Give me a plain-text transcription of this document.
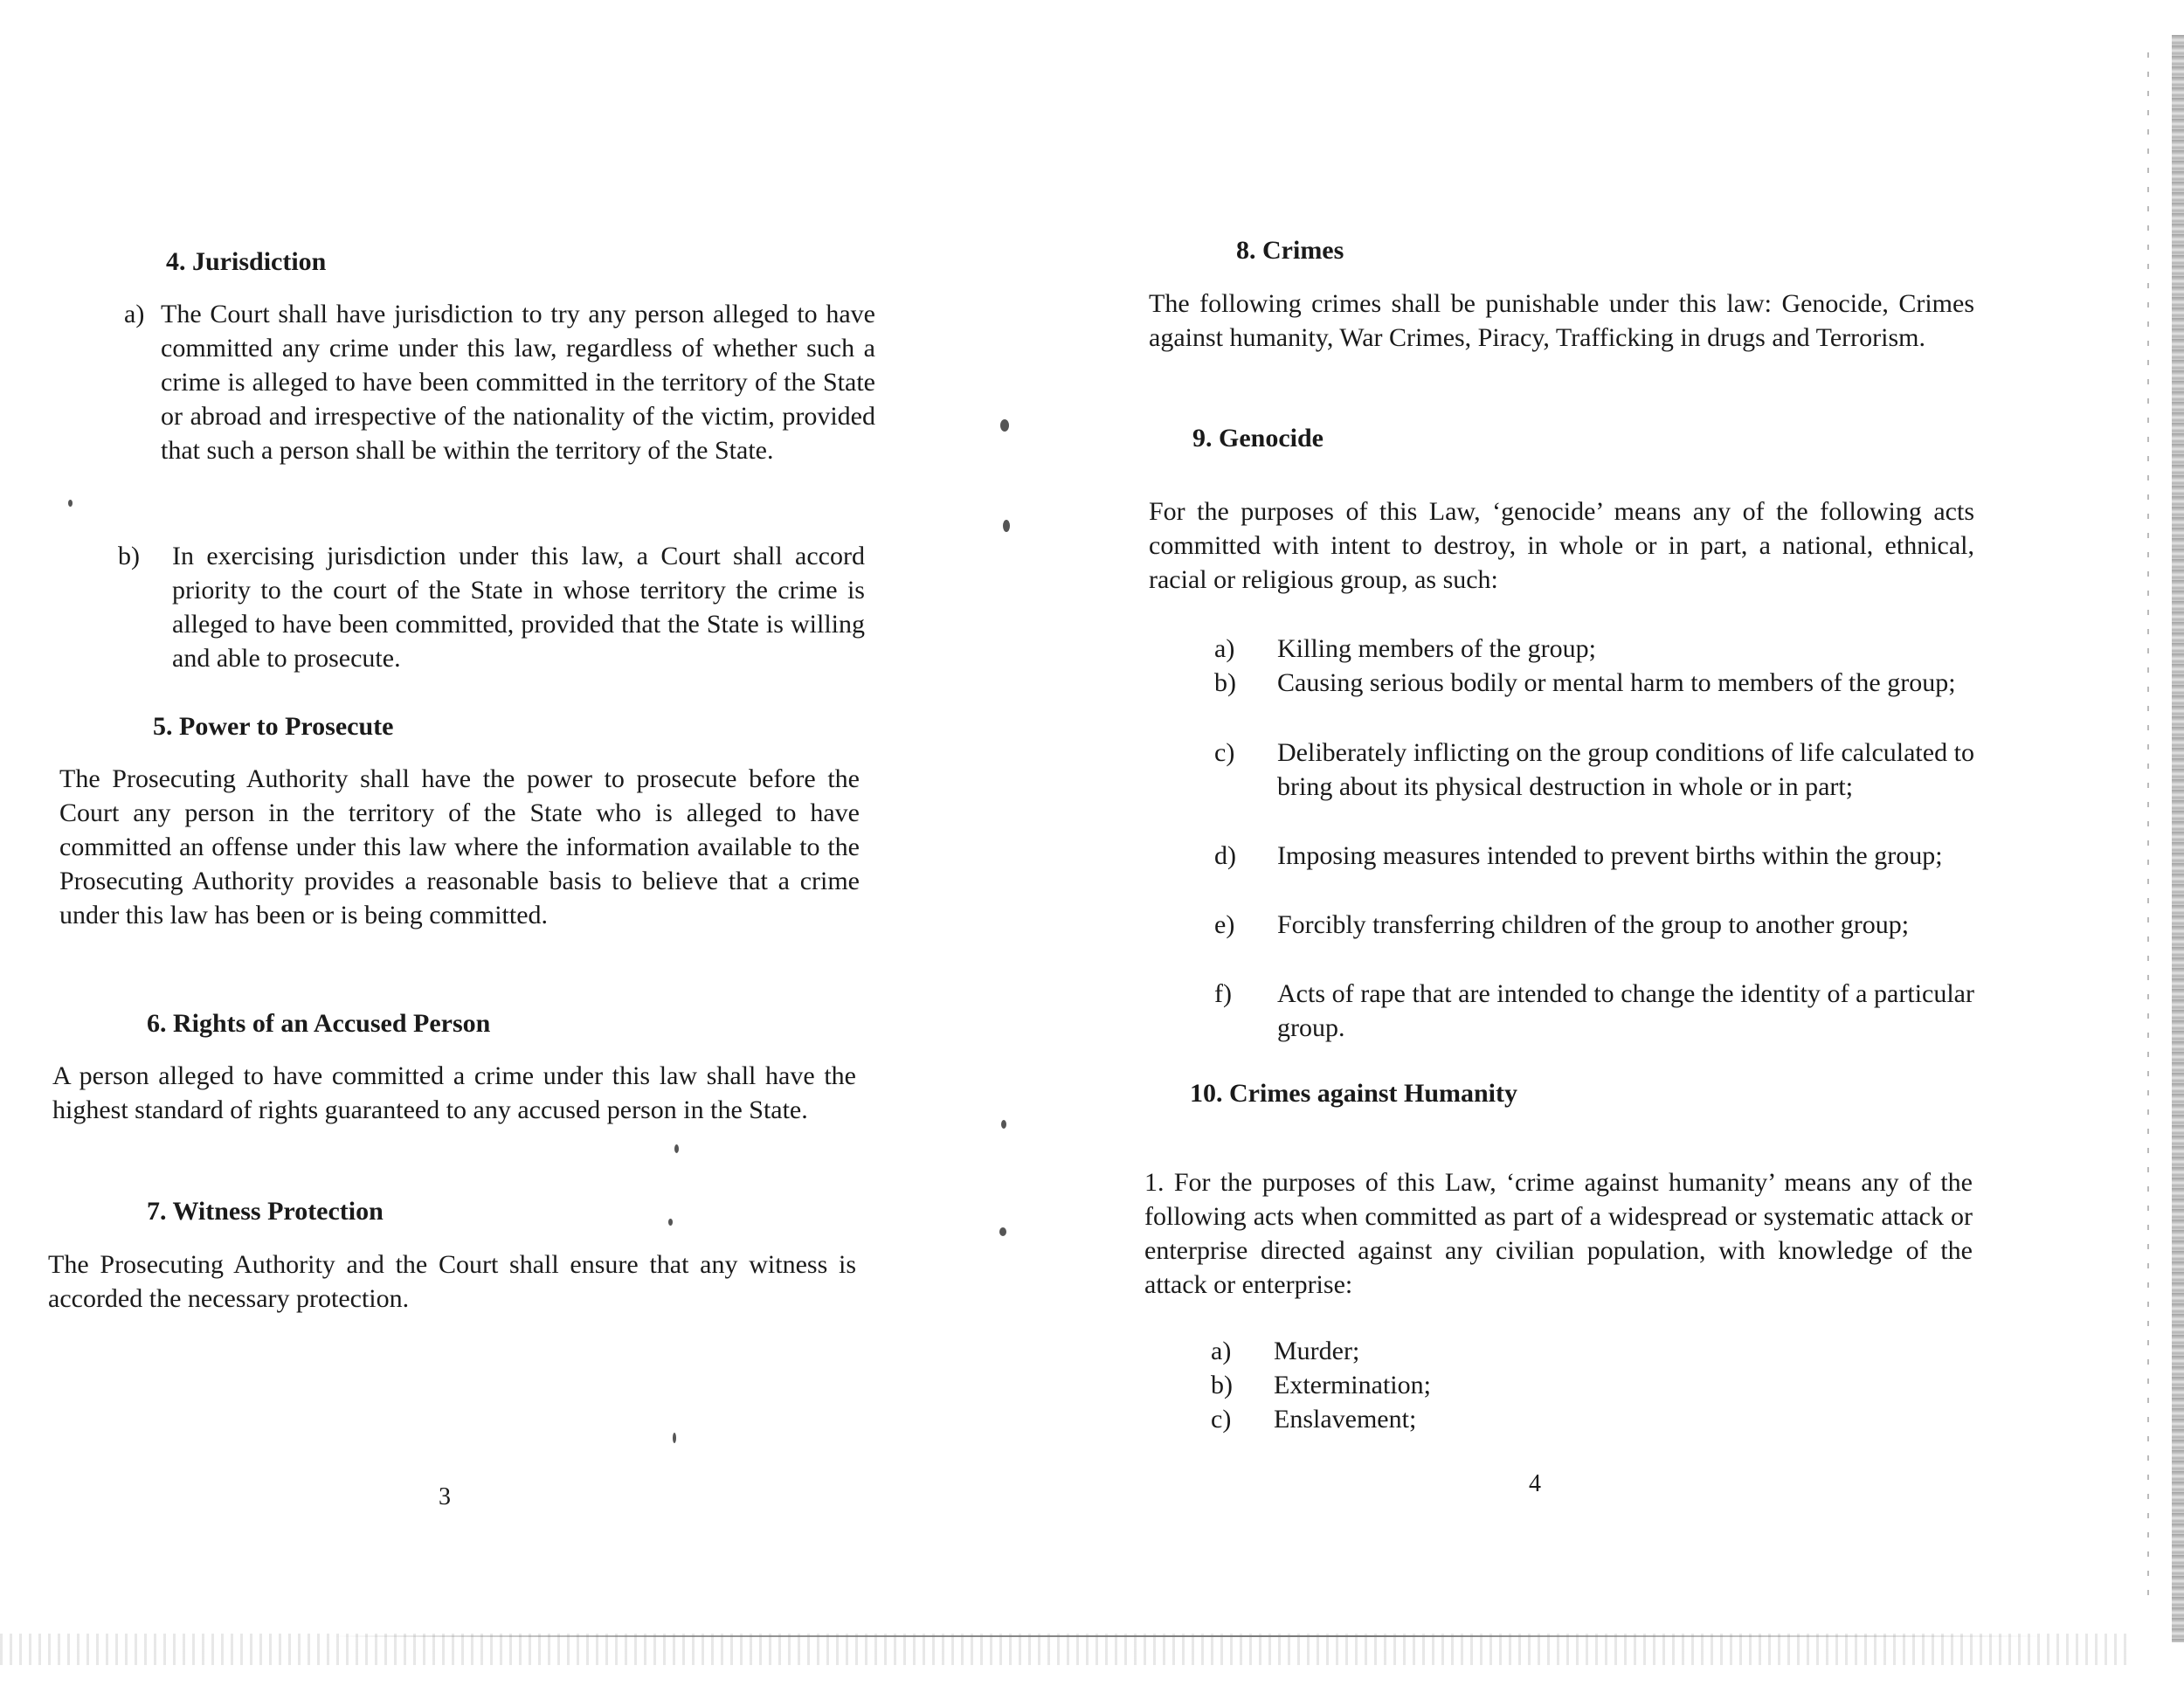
4. Jurisdiction
a) The Court shall have jurisdiction to try any person alleged to have committed any crime under this law, regardless of whether such a crime is alleged to have been committed in the territory of the State or abroad and irrespective of the nationality of the victim, provided that such a person shall be within the territory of the State.
b) In exercising jurisdiction under this law, a Court shall accord priority to the court of the State in whose territory the crime is alleged to have been committed, provided that the State is willing and able to prosecute.
5. Power to Prosecute

The Prosecuting Authority shall have the power to prosecute before the Court any person in the territory of the State who is alleged to have committed an offense under this law where the information available to the Prosecuting Authority provides a reasonable basis to believe that a crime under this law has been or is being committed.

6. Rights of an Accused Person

A person alleged to have committed a crime under this law shall have the highest standard of rights guaranteed to any accused person in the State.

7. Witness Protection

The Prosecuting Authority and the Court shall ensure that any witness is accorded the necessary protection.

3
8. Crimes

The following crimes shall be punishable under this law: Genocide, Crimes against humanity, War Crimes, Piracy, Trafficking in drugs and Terrorism.

9. Genocide

For the purposes of this Law, ‘genocide’ means any of the following acts committed with intent to destroy, in whole or in part, a national, ethnical, racial or religious group, as such:

a) Killing members of the group;
b) Causing serious bodily or mental harm to members of the group;
c) Deliberately inflicting on the group conditions of life calculated to bring about its physical destruction in whole or in part;
d) Imposing measures intended to prevent births within the group;
e) Forcibly transferring children of the group to another group;
f) Acts of rape that are intended to change the identity of a particular group.
10. Crimes against Humanity

1. For the purposes of this Law, ‘crime against humanity’ means any of the following acts when committed as part of a widespread or systematic attack or enterprise directed against any civilian population, with knowledge of the attack or enterprise:

a) Murder;
b) Extermination;
c) Enslavement;
4
